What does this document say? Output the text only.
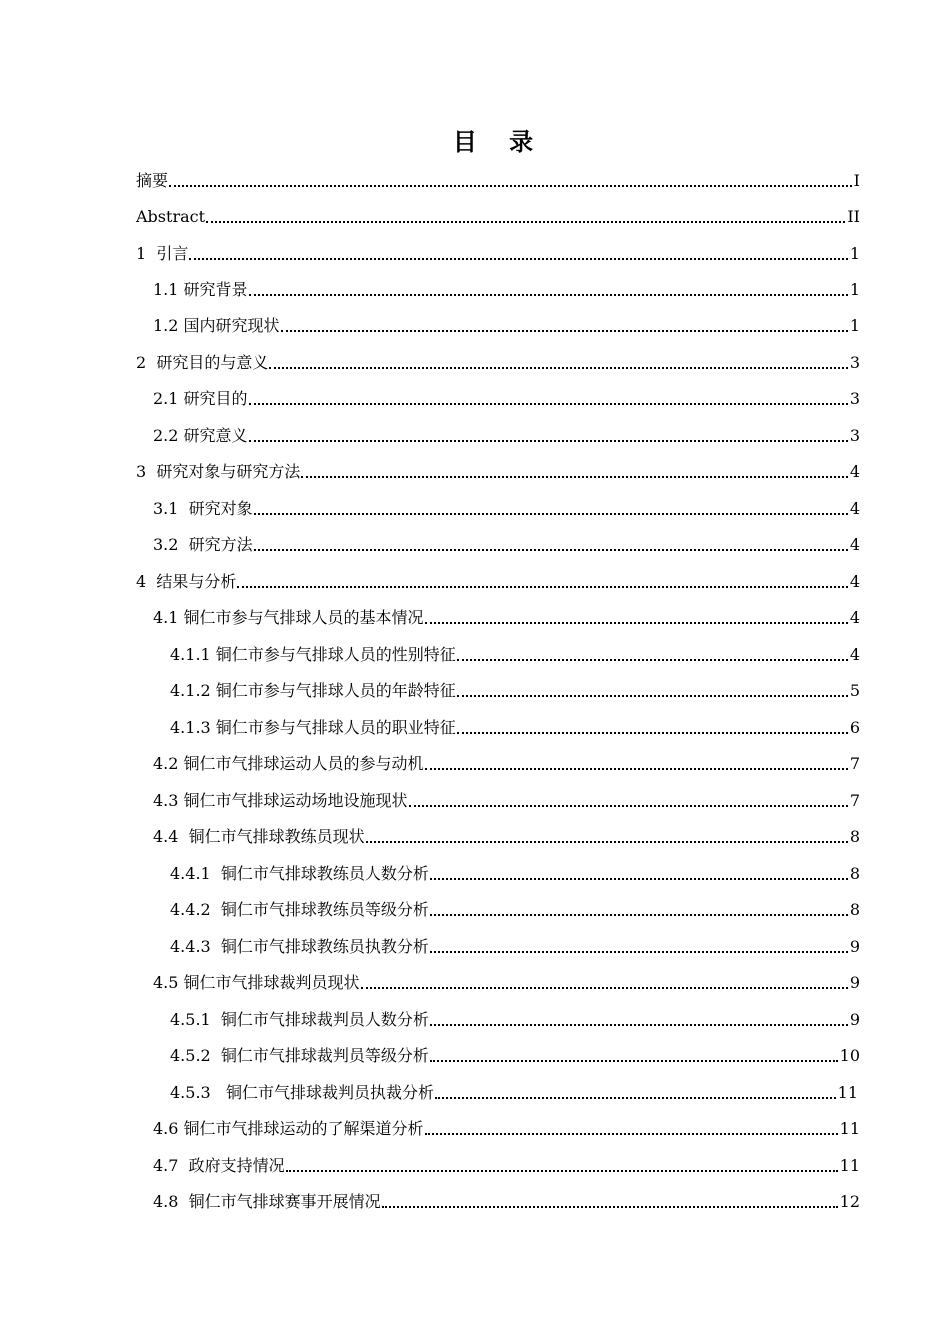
目 录
摘要	I
Abstract	II
1  引言	1
1.1 研究背景	1
1.2 国内研究现状	1
2  研究目的与意义	3
2.1 研究目的	3
2.2 研究意义	3
3  研究对象与研究方法	4
3.1  研究对象	4
3.2  研究方法	4
4  结果与分析	4
4.1 铜仁市参与气排球人员的基本情况	4
4.1.1 铜仁市参与气排球人员的性别特征	4
4.1.2 铜仁市参与气排球人员的年龄特征	5
4.1.3 铜仁市参与气排球人员的职业特征	6
4.2 铜仁市气排球运动人员的参与动机	7
4.3 铜仁市气排球运动场地设施现状	7
4.4  铜仁市气排球教练员现状	8
4.4.1  铜仁市气排球教练员人数分析	8
4.4.2  铜仁市气排球教练员等级分析	8
4.4.3  铜仁市气排球教练员执教分析	9
4.5 铜仁市气排球裁判员现状	9
4.5.1  铜仁市气排球裁判员人数分析	9
4.5.2  铜仁市气排球裁判员等级分析	10
4.5.3   铜仁市气排球裁判员执裁分析	11
4.6 铜仁市气排球运动的了解渠道分析	11
4.7  政府支持情况	11
4.8  铜仁市气排球赛事开展情况	12
